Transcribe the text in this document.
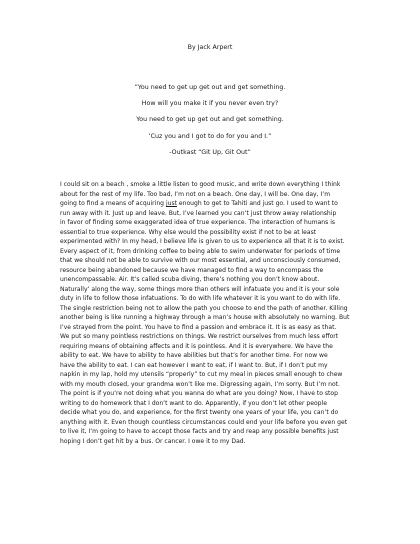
By Jack Arpert
“You need to get up get out and get something.
How will you make it if you never even try?
You need to get up get out and get something.
‘Cuz you and I got to do for you and I.”
-Outkast “Git Up, Git Out”
I could sit on a beach , smoke a little listen to good music, and write down everything I think
about for the rest of my life. Too bad, I’m not on a beach. One day, I will be. One day, I’m
going to find a means of acquiring just enough to get to Tahiti and just go. I used to want to
run away with it. Just up and leave. But, I’ve learned you can’t just throw away relationship
in favor of finding some exaggerated idea of true experience. The interaction of humans is
essential to true experience. Why else would the possibility exist if not to be at least
experimented with? In my head, I believe life is given to us to experience all that it is to exist.
Every aspect of it, from drinking coffee to being able to swim underwater for periods of time
that we should not be able to survive with our most essential, and unconsciously consumed,
resource being abandoned because we have managed to find a way to encompass the
unencompassable. Air. It’s called scuba diving, there’s nothing you don’t know about.
Naturally’ along the way, some things more than others will infatuate you and it is your sole
duty in life to follow those infatuations. To do with life whatever it is you want to do with life.
The single restriction being not to allow the path you choose to end the path of another. Killing
another being is like running a highway through a man’s house with absolutely no warning. But
I’ve strayed from the point. You have to find a passion and embrace it. It is as easy as that.
We put so many pointless restrictions on things. We restrict ourselves from much less effort
requiring means of obtaining affects and it is pointless. And it is everywhere. We have the
ability to eat. We have to ability to have abilities but that’s for another time. For now we
have the ability to eat. I can eat however I want to eat, if I want to. But, if I don’t put my
napkin in my lap, hold my utensils “properly” to cut my meal in pieces small enough to chew
with my mouth closed, your grandma won’t like me. Digressing again, I’m sorry. But I’m not.
The point is if you’re not doing what you wanna do what are you doing? Now, I have to stop
writing to do homework that I don’t want to do. Apparently, if you don’t let other people
decide what you do, and experience, for the first twenty one years of your life, you can’t do
anything with it. Even though countless circumstances could end your life before you even get
to live it, I’m going to have to accept those facts and try and reap any possible benefits just
hoping I don’t get hit by a bus. Or cancer. I owe it to my Dad.
